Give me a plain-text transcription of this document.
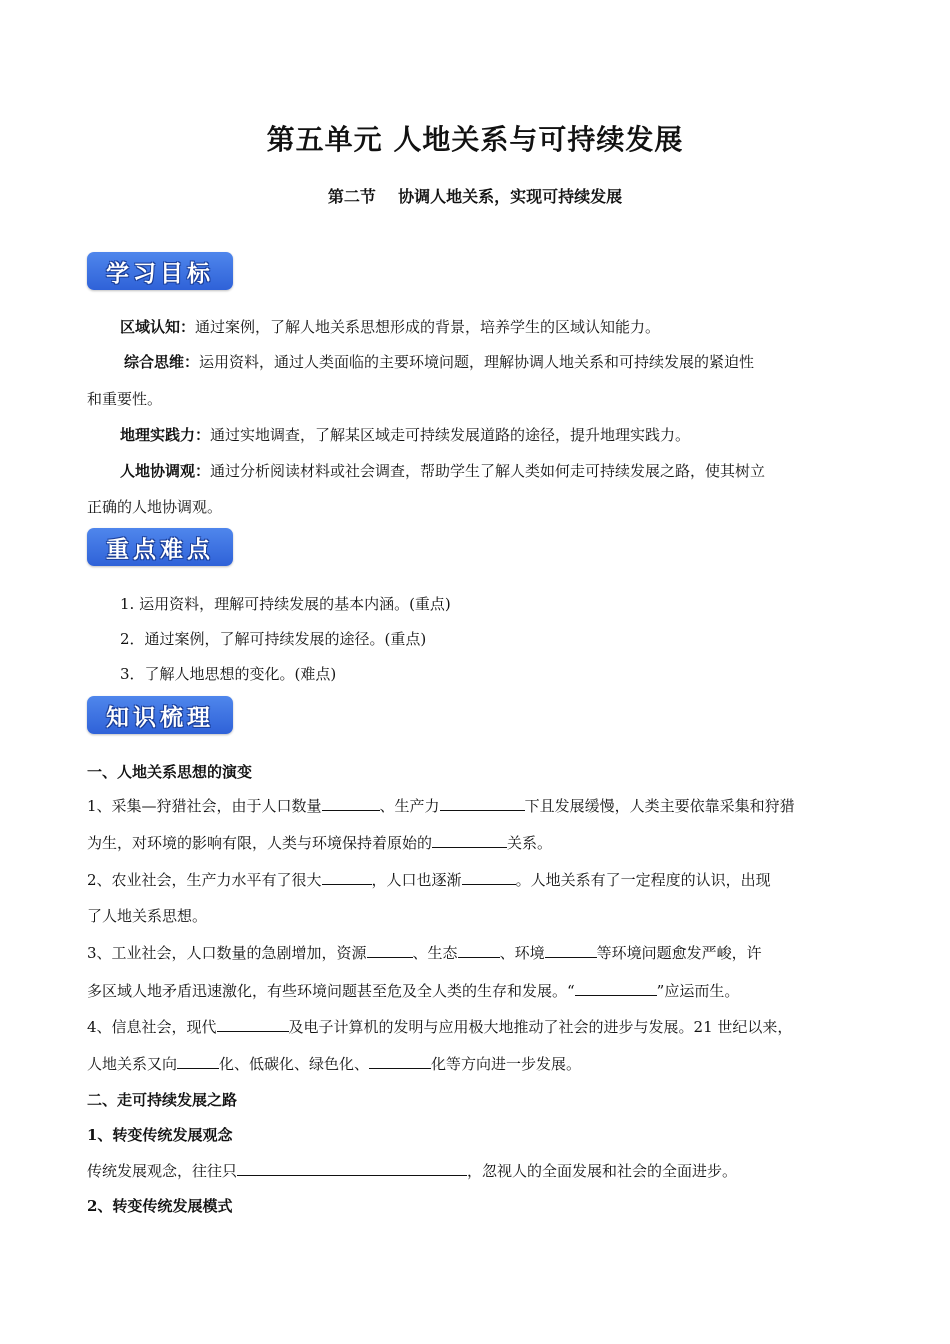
第五单元 人地关系与可持续发展
第二节    协调人地关系，实现可持续发展
学习目标
区域认知：通过案例，了解人地关系思想形成的背景，培养学生的区域认知能力。
综合思维：运用资料，通过人类面临的主要环境问题，理解协调人地关系和可持续发展的紧迫性
和重要性。
地理实践力：通过实地调查，了解某区域走可持续发展道路的途径，提升地理实践力。
人地协调观：通过分析阅读材料或社会调查，帮助学生了解人类如何走可持续发展之路，使其树立
正确的人地协调观。
重点难点
1. 运用资料，理解可持续发展的基本内涵。(重点)
2．通过案例，了解可持续发展的途径。(重点)
3．了解人地思想的变化。(难点)
知识梳理
一、人地关系思想的演变
1、采集—狩猎社会，由于人口数量	、生产力	下且发展缓慢，人类主要依靠采集和狩猎
为生，对环境的影响有限，人类与环境保持着原始的	关系。
2、农业社会，生产力水平有了很大	，人口也逐渐	。人地关系有了一定程度的认识，出现
了人地关系思想。
3、工业社会，人口数量的急剧增加，资源	、生态	、环境	等环境问题愈发严峻，许
多区域人地矛盾迅速激化，有些环境问题甚至危及全人类的生存和发展。“	”应运而生。
4、信息社会，现代	及电子计算机的发明与应用极大地推动了社会的进步与发展。21 世纪以来，
人地关系又向	化、低碳化、绿色化、	化等方向进一步发展。
二、走可持续发展之路
1、转变传统发展观念
传统发展观念，往往只	，忽视人的全面发展和社会的全面进步。
2、转变传统发展模式
